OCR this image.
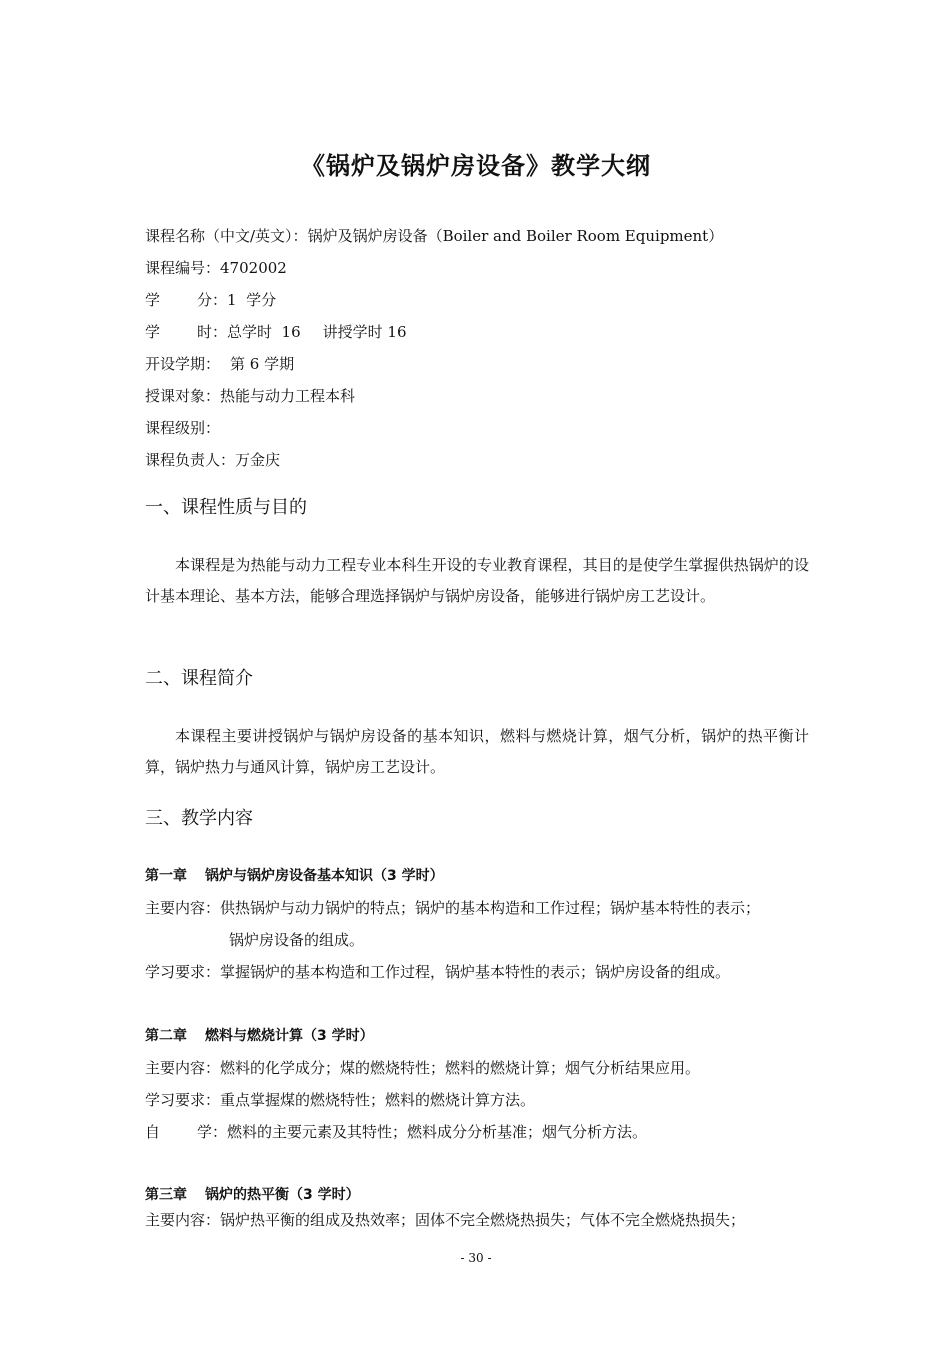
《锅炉及锅炉房设备》教学大纲
课程名称（中文/英文）：锅炉及锅炉房设备（Boiler and Boiler Room Equipment）
课程编号：4702002
学 分：1  学分
学 时：总学时  16 讲授学时 16
开设学期： 第 6 学期
授课对象：热能与动力工程本科
课程级别：
课程负责人：万金庆
一、课程性质与目的
本课程是为热能与动力工程专业本科生开设的专业教育课程，其目的是使学生掌握供热锅炉的设计基本理论、基本方法，能够合理选择锅炉与锅炉房设备，能够进行锅炉房工艺设计。
二、课程简介
本课程主要讲授锅炉与锅炉房设备的基本知识，燃料与燃烧计算，烟气分析，锅炉的热平衡计算，锅炉热力与通风计算，锅炉房工艺设计。
三、教学内容
第一章 锅炉与锅炉房设备基本知识（3 学时）
主要内容：供热锅炉与动力锅炉的特点；锅炉的基本构造和工作过程；锅炉基本特性的表示；
锅炉房设备的组成。
学习要求：掌握锅炉的基本构造和工作过程，锅炉基本特性的表示；锅炉房设备的组成。
第二章 燃料与燃烧计算（3 学时）
主要内容：燃料的化学成分；煤的燃烧特性；燃料的燃烧计算；烟气分析结果应用。
学习要求：重点掌握煤的燃烧特性；燃料的燃烧计算方法。
自 学：燃料的主要元素及其特性；燃料成分分析基准；烟气分析方法。
第三章 锅炉的热平衡（3 学时）
主要内容：锅炉热平衡的组成及热效率；固体不完全燃烧热损失；气体不完全燃烧热损失；
- 30 -
